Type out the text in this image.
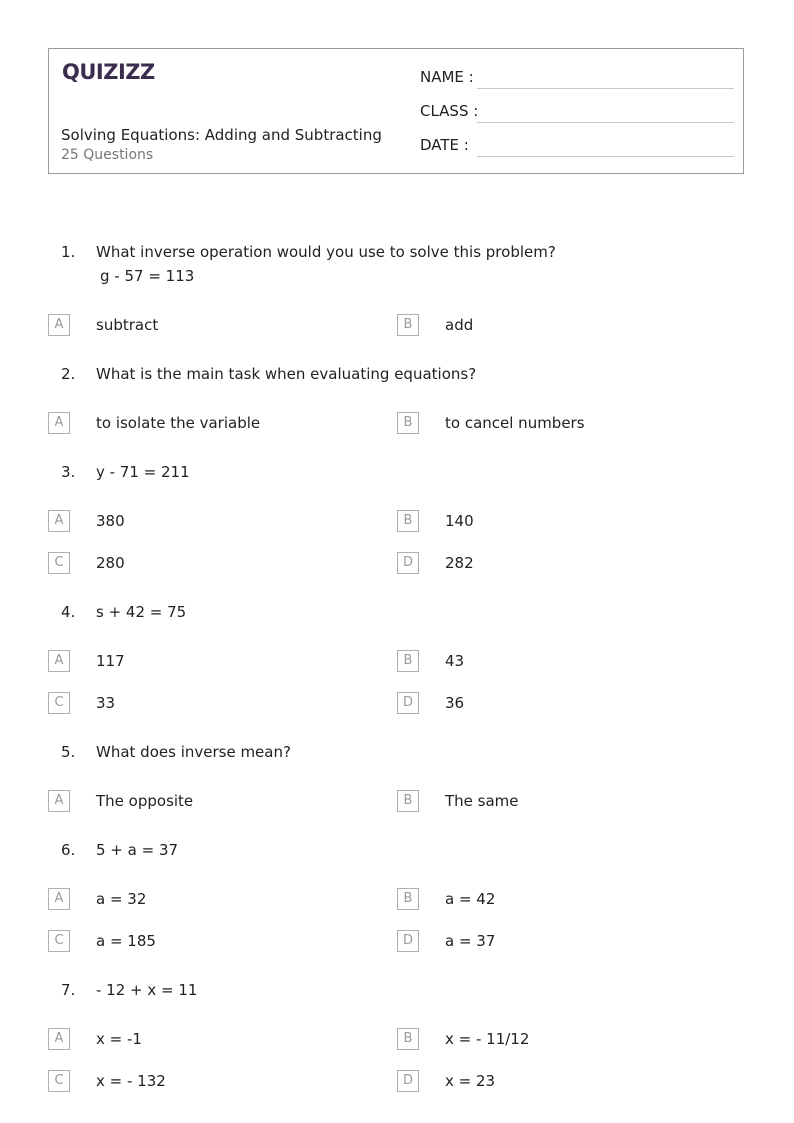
QUIZIZZ
Solving Equations: Adding and Subtracting
25 Questions
NAME :
CLASS :
DATE :
1. What inverse operation would you use to solve this problem?
g - 57 = 113
A	subtract	B	add
2. What is the main task when evaluating equations?
A	to isolate the variable	B	to cancel numbers
3. y - 71 = 211
A	380	B	140
C	280	D	282
4. s + 42 = 75
A	117	B	43
C	33	D	36
5. What does inverse mean?
A	The opposite	B	The same
6. 5 + a = 37
A	a = 32	B	a = 42
C	a = 185	D	a = 37
7. - 12 + x = 11
A	x = -1	B	x = - 11/12
C	x = - 132	D	x = 23
